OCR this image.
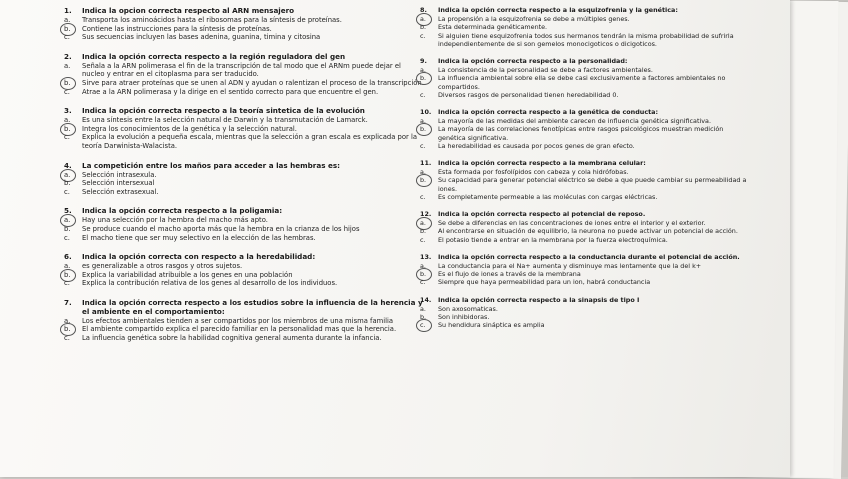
1.	Indica la opcion correcta respecto al ARN mensajero
a.	Transporta los aminoácidos hasta el ribosomas para la síntesis de proteínas.
b.	Contiene las instrucciones para la síntesis de proteínas.
c.	Sus secuencias incluyen las bases adenina, guanina, timina y citosina
2.	Indica la opción correcta respecto a la región reguladora del gen
a.	Señala a la ARN polimerasa el fin de la transcripción de tal modo que el ARNm puede dejar el nucleo y entrar en el citoplasma para ser traducido.
b.	Sirve para atraer proteínas que se unen al ADN y ayudan o ralentizan el proceso de la transcripción.
c.	Atrae a la ARN polimerasa y la dirige en el sentido correcto para que encuentre el gen.
3.	Indica la opción correcta respecto a la teoría sintetica de la evolución
a.	Es una síntesis entre la selección natural de Darwin y la transmutación de Lamarck.
b.	Integra los conocimientos de la genética y la selección natural.
c.	Explica la evolución a pequeña escala, mientras que la selección a gran escala es explicada por la teoría Darwinista-Walacista.
4.	La competición entre los maños para acceder a las hembras es:
a.	Selección intrasexula.
b.	Selección intersexual
c.	Selección extrasexual.
5.	Indica la opción correcta respecto a la poligamia:
a.	Hay una selección por la hembra del macho más apto.
b.	Se produce cuando el macho aporta más que la hembra en la crianza de los hijos
c.	El macho tiene que ser muy selectivo en la elección de las hembras.
6.	Indica la opción correcta con respecto a la heredabilidad:
a.	es generalizable a otros rasgos y otros sujetos.
b.	Explica la variabilidad atribuible a los genes en una población
c.	Explica la contribución relativa de los genes al desarrollo de los individuos.
7.	Indica la opción correcta respecto a los estudios sobre la influencia de la herencia y el ambiente en el comportamiento:
a.	Los efectos ambientales tienden a ser compartidos por los miembros de una misma familia
b.	El ambiente compartido explica el parecido familiar en la personalidad mas que la herencia.
c.	La influencia genética sobre la habilidad cognitiva general aumenta durante la infancia.
8.	Indica la opción correcta respecto a la esquizofrenia y la genética:
a.	La propensión a la esquizofrenia se debe a múltiples genes.
b.	Esta determinada genéticamente.
c.	Si alguien tiene esquizofrenia todos sus hermanos tendrán la misma probabilidad de sufrirla independientemente de si son gemelos monocigoticos o dicigoticos.
9.	Indica la opción correcta respecto a la personalidad:
a.	La consistencia de la personalidad se debe a factores ambientales.
b.	La influencia ambiental sobre ella se debe casi exclusivamente a factores ambientales no compartidos.
c.	Diversos rasgos de personalidad tienen heredabilidad 0.
10. Indica la opción correcta respecto a la genética de conducta:
a.	La mayoría de las medidas del ambiente carecen de influencia genética significativa.
b.	La mayoría de las correlaciones fenotípicas entre rasgos psicológicos muestran medición genética significativa.
c.	La heredabilidad es causada por pocos genes de gran efecto.
11. Indica la opción correcta respecto a la membrana celular:
a.	Esta formada por fosfolípidos con cabeza y cola hidrófobas.
b.	Su capacidad para generar potencial eléctrico se debe a que puede cambiar su permeabilidad a iones.
c.	Es completamente permeable a las moléculas con cargas eléctricas.
12. Indica la opción correcta respecto al potencial de reposo.
a.	Se debe a diferencias en las concentraciones de iones entre el interior y el exterior.
b.	Al encontrarse en situación de equilibrio, la neurona no puede activar un potencial de acción.
c.	El potasio tiende a entrar en la membrana por la fuerza electroquímica.
13. Indica la opción correcta respecto a la conductancia durante el potencial de acción.
a.	La conductancia para el Na+ aumenta y disminuye mas lentamente que la del k+
b.	Es el flujo de iones a través de la membrana
c.	Siempre que haya permeabilidad para un ion, habrá conductancia
14. Indica la opción correcta respecto a la sinapsis de tipo I
a.	Son axosomaticas.
b.	Son inhibidoras.
c.	Su hendidura sináptica es amplia
